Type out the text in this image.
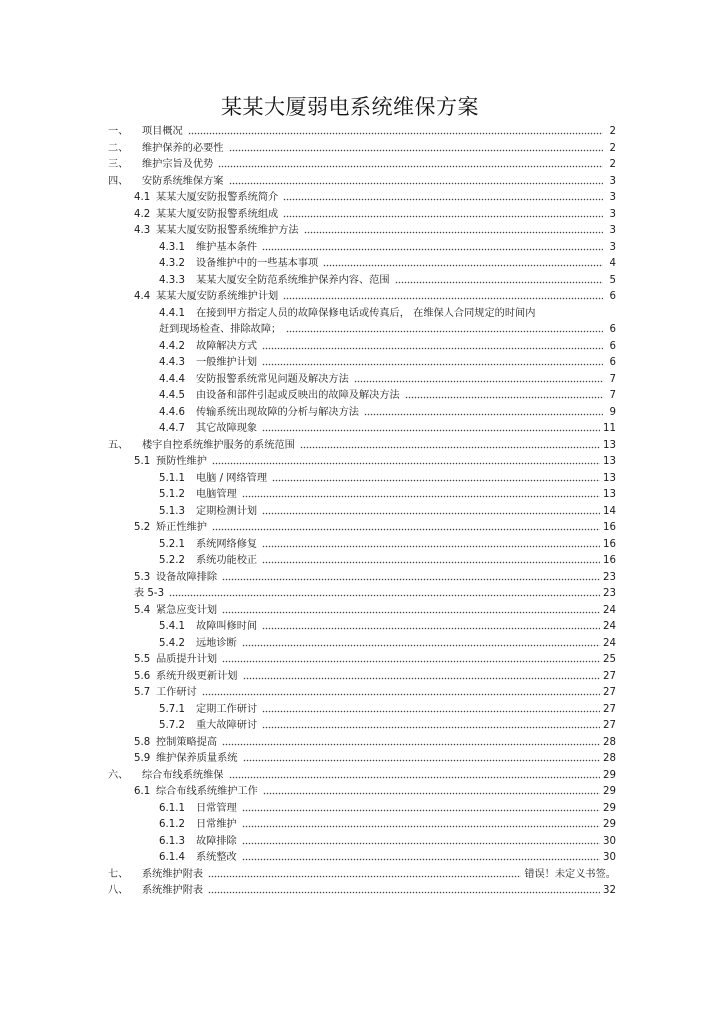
某某大厦弱电系统维保方案
一、	项目概况	2
二、	维护保养的必要性	2
三、	维护宗旨及优势	2
四、	安防系统维保方案	3
4.1 某某大厦安防报警系统简介	3
4.2 某某大厦安防报警系统组成	3
4.3 某某大厦安防报警系统维护方法	3
4.3.1	维护基本条件	3
4.3.2	设备维护中的一些基本事项	4
4.3.3	某某大厦安全防范系统维护保养内容、范围	5
4.4 某某大厦安防系统维护计划	6
4.4.1	在接到甲方指定人员的故障保修电话或传真后， 在维保人合同规定的时间内
赶到现场检查、排除故障；	6
4.4.2	故障解决方式	6
4.4.3	一般维护计划	6
4.4.4	安防报警系统常见问题及解决方法	7
4.4.5	由设备和部件引起或反映出的故障及解决方法	7
4.4.6	传输系统出现故障的分析与解决方法	9
4.4.7	其它故障现象	11
五、	楼宇自控系统维护服务的系统范围	13
5.1 预防性维护	13
5.1.1	电脑 / 网络管理	13
5.1.2	电脑管理	13
5.1.3	定期检测计划	14
5.2 矫正性维护	16
5.2.1	系统网络修复	16
5.2.2	系统功能校正	16
5.3 设备故障排除	23
表 5-3	23
5.4 紧急应变计划	24
5.4.1	故障叫修时间	24
5.4.2	远地诊断	24
5.5 品质提升计划	25
5.6 系统升级更新计划	27
5.7 工作研讨	27
5.7.1	定期工作研讨	27
5.7.2	重大故障研讨	27
5.8 控制策略提高	28
5.9 维护保养质量系统	28
六、	综合布线系统维保	29
6.1 综合布线系统维护工作	29
6.1.1	日常管理	29
6.1.2	日常维护	29
6.1.3	故障排除	30
6.1.4	系统整改	30
七、	系统维护附表	错误！未定义书签。
八、	系统维护附表	32
